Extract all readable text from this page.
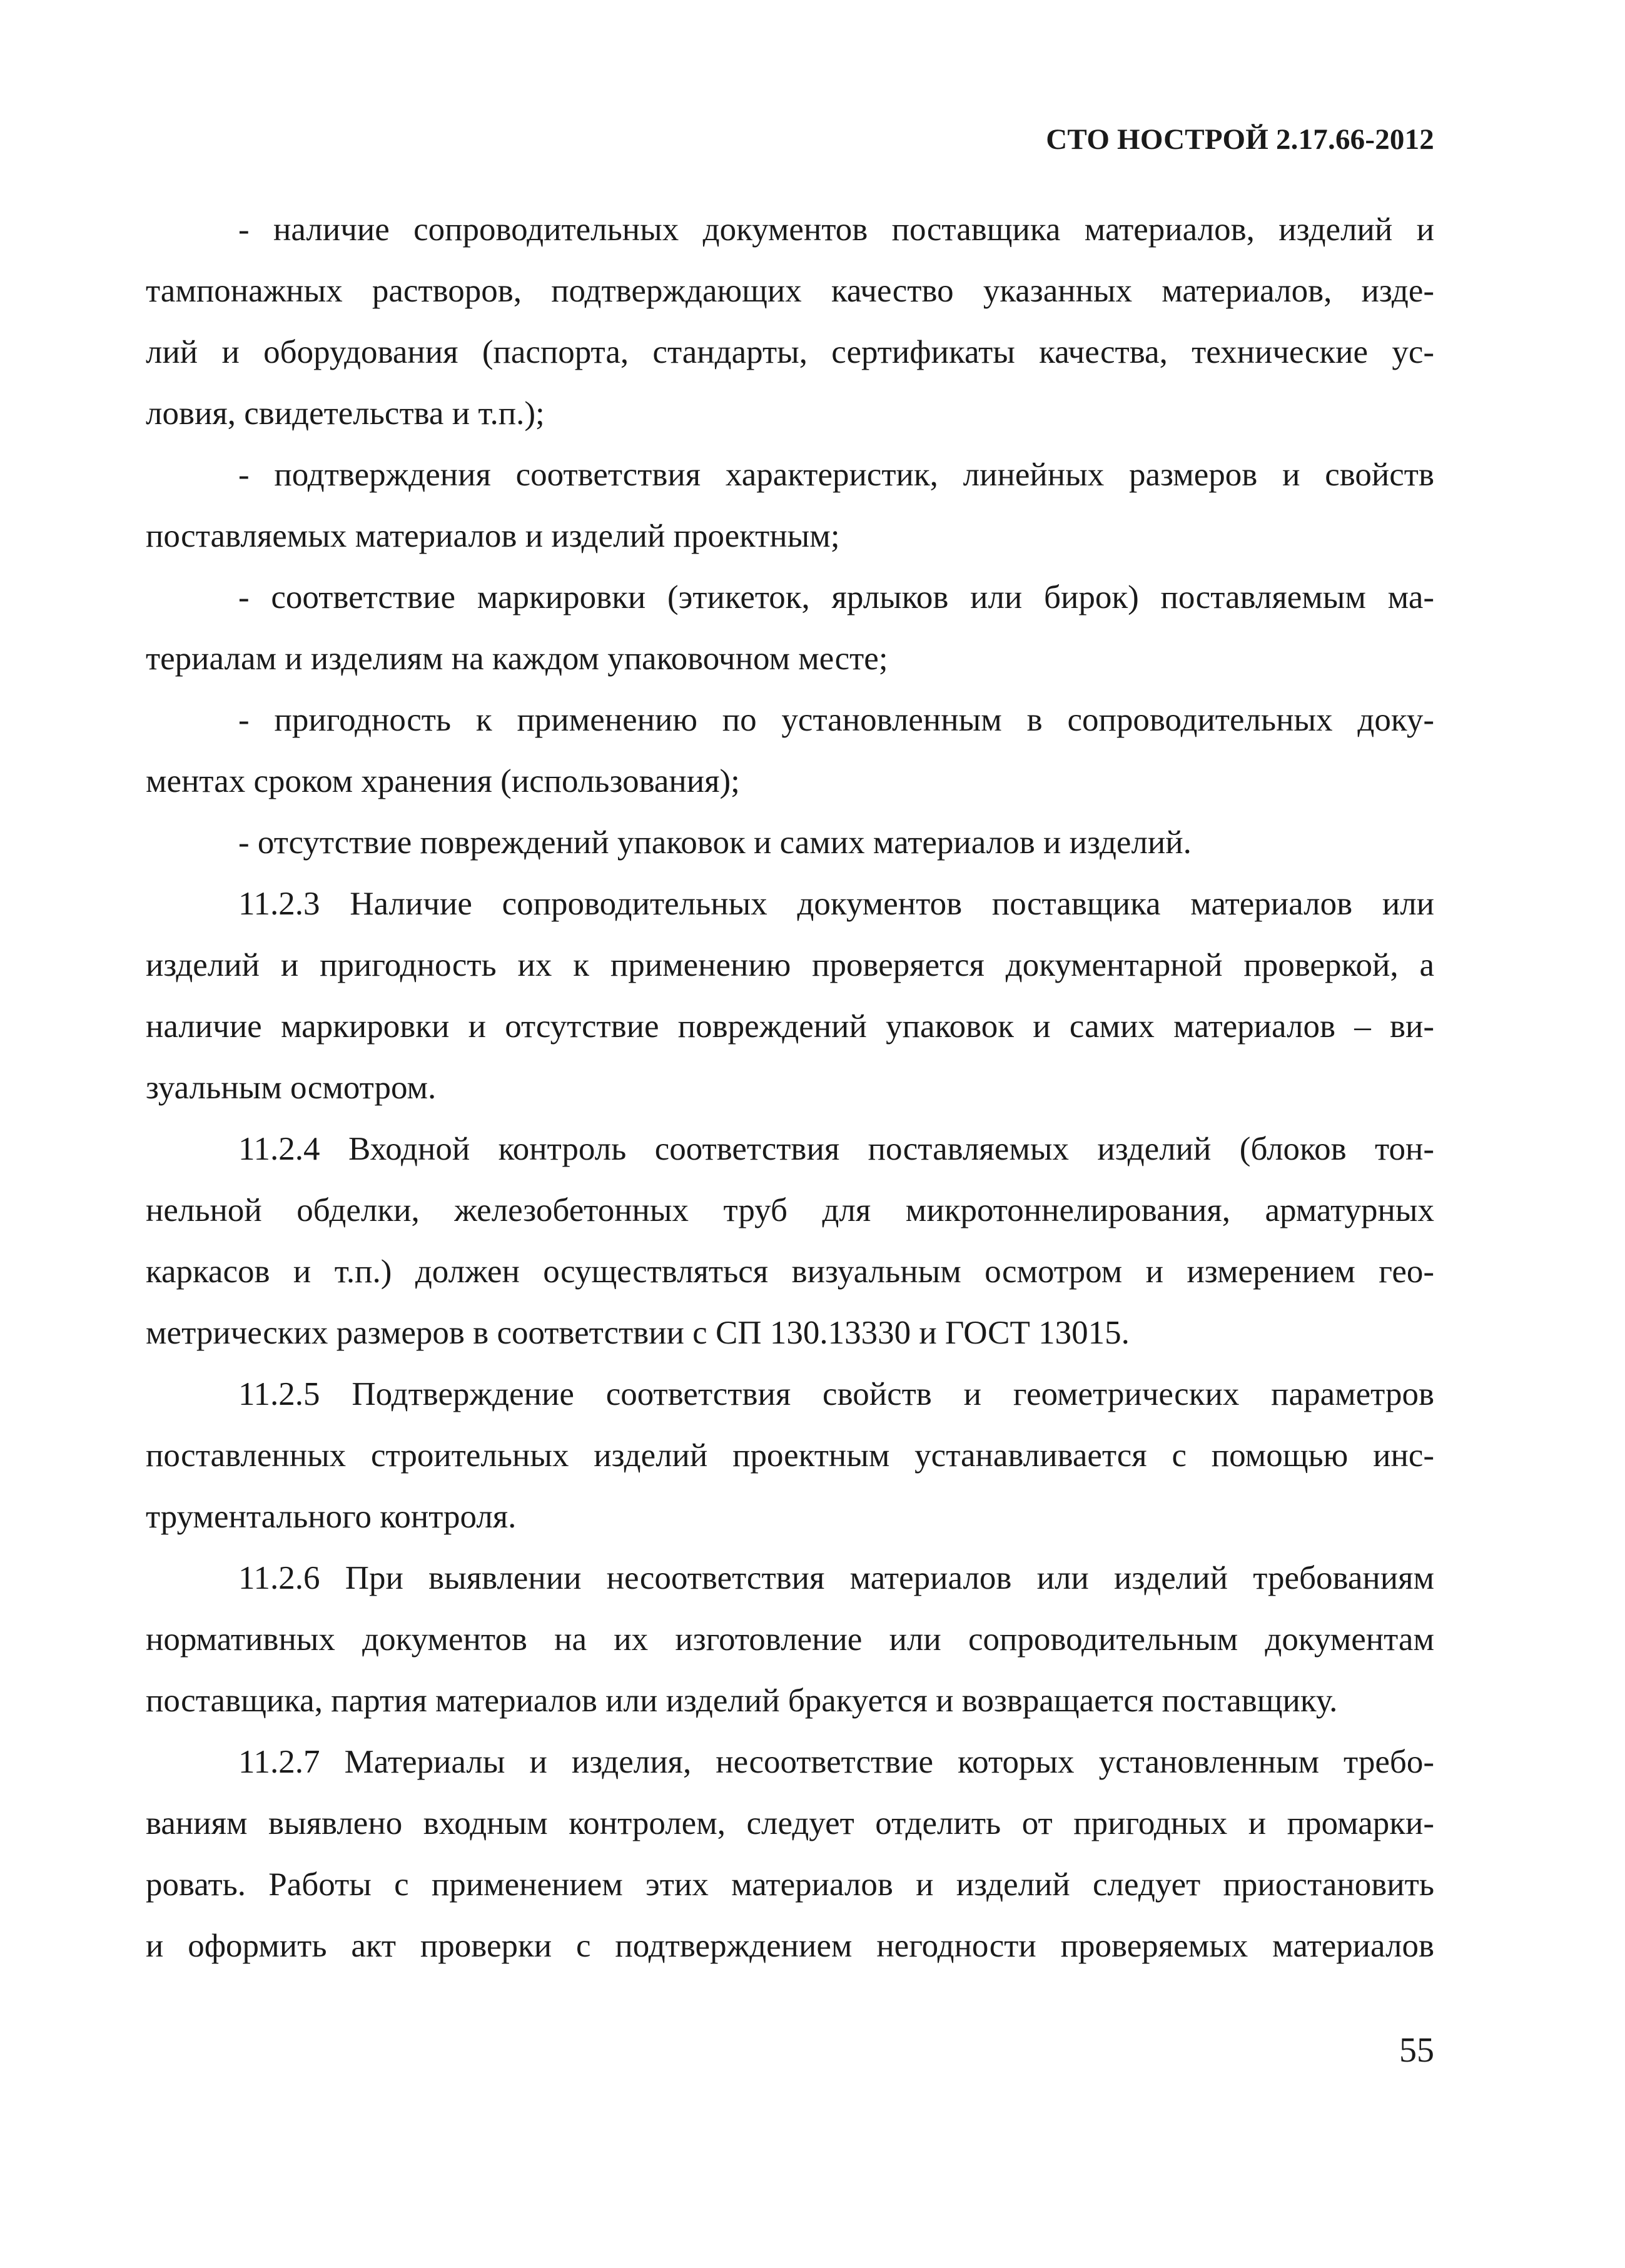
СТО НОСТРОЙ 2.17.66-2012

- наличие сопроводительных документов поставщика материалов, изделий и
тампонажных растворов, подтверждающих качество указанных материалов, изде-
лий и оборудования (паспорта, стандарты, сертификаты качества, технические ус-
ловия, свидетельства и т.п.);

- подтверждения соответствия характеристик, линейных размеров и свойств
поставляемых материалов и изделий проектным;

- соответствие маркировки (этикеток, ярлыков или бирок) поставляемым ма-
териалам и изделиям на каждом упаковочном месте;

- пригодность к применению по установленным в сопроводительных доку-
ментах сроком хранения (использования);

- отсутствие повреждений упаковок и самих материалов и изделий.

11.2.3 Наличие сопроводительных документов поставщика материалов или
изделий и пригодность их к применению проверяется документарной проверкой, а
наличие маркировки и отсутствие повреждений упаковок и самих материалов – ви-
зуальным осмотром.

11.2.4 Входной контроль соответствия поставляемых изделий (блоков тон-
нельной обделки, железобетонных труб для микротоннелирования, арматурных
каркасов и т.п.) должен осуществляться визуальным осмотром и измерением гео-
метрических размеров в соответствии с СП 130.13330 и ГОСТ 13015.

11.2.5 Подтверждение соответствия свойств и геометрических параметров
поставленных строительных изделий проектным устанавливается с помощью инс-
трументального контроля.

11.2.6 При выявлении несоответствия материалов или изделий требованиям
нормативных документов на их изготовление или сопроводительным документам
поставщика, партия материалов или изделий бракуется и возвращается поставщику.

11.2.7 Материалы и изделия, несоответствие которых установленным требо-
ваниям выявлено входным контролем, следует отделить от пригодных и промарки-
ровать. Работы с применением этих материалов и изделий следует приостановить
и оформить акт проверки с подтверждением негодности проверяемых материалов

55
